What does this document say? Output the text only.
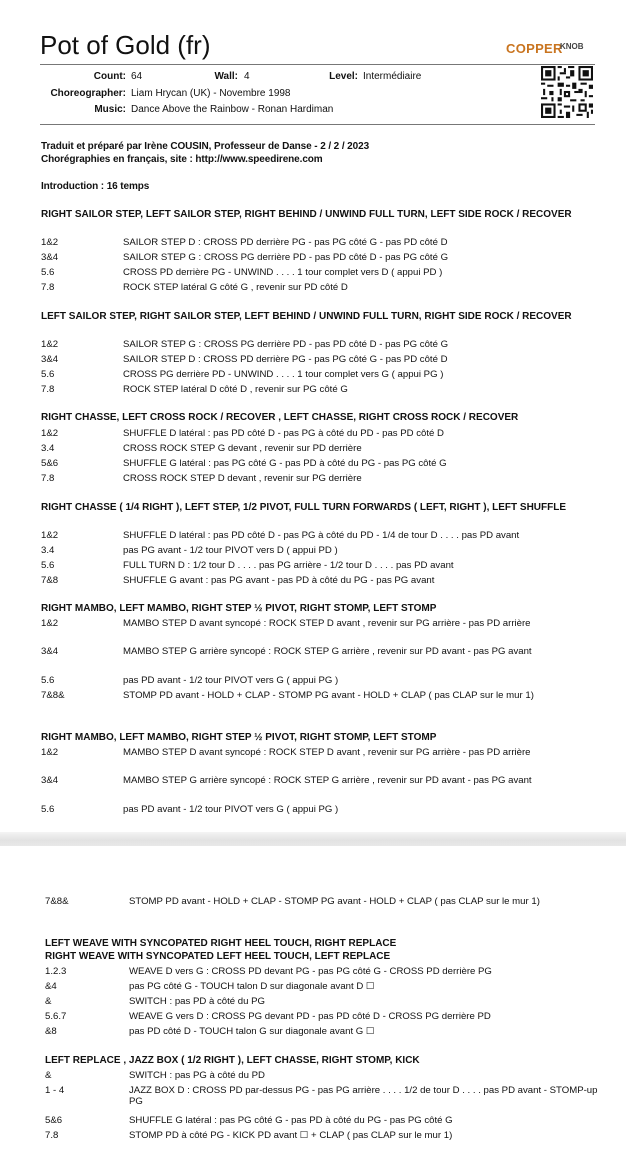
Pot of Gold (fr)	COPPER
KNOB
Count: 64	Wall: 4	Level: Intermédiaire
Choreographer: Liam Hrycan (UK) - Novembre 1998
Music: Dance Above the Rainbow - Ronan Hardiman
Traduit et préparé par Irène COUSIN, Professeur de Danse - 2 / 2 / 2023
Chorégraphies en français, site : http://www.speedirene.com
Introduction : 16 temps
RIGHT SAILOR STEP, LEFT SAILOR STEP, RIGHT BEHIND / UNWIND FULL TURN, LEFT SIDE ROCK / RECOVER
1&2	SAILOR STEP D : CROSS PD derrière PG - pas PG côté G - pas PD côté D
3&4	SAILOR STEP G : CROSS PG derrière PD - pas PD côté D - pas PG côté G
5.6	CROSS PD derrière PG - UNWIND . . . . 1 tour complet vers D ( appui PD )
7.8	ROCK STEP latéral G côté G , revenir sur PD côté D
LEFT SAILOR STEP, RIGHT SAILOR STEP, LEFT BEHIND / UNWIND FULL TURN, RIGHT SIDE ROCK / RECOVER
1&2	SAILOR STEP G : CROSS PG derrière PD - pas PD côté D - pas PG côté G
3&4	SAILOR STEP D : CROSS PD derrière PG - pas PG côté G - pas PD côté D
5.6	CROSS PG derrière PD - UNWIND . . . . 1 tour complet vers G ( appui PG )
7.8	ROCK STEP latéral D côté D , revenir sur PG côté G
RIGHT CHASSE, LEFT CROSS ROCK / RECOVER , LEFT CHASSE, RIGHT CROSS ROCK / RECOVER
1&2	SHUFFLE D latéral : pas PD côté D - pas PG à côté du PD - pas PD côté D
3.4	CROSS ROCK STEP G devant , revenir sur PD derrière
5&6	SHUFFLE G latéral : pas PG côté G - pas PD à côté du PG - pas PG côté G
7.8	CROSS ROCK STEP D devant , revenir sur PG derrière
RIGHT CHASSE ( 1/4 RIGHT ), LEFT STEP, 1/2 PIVOT, FULL TURN FORWARDS ( LEFT, RIGHT ), LEFT SHUFFLE
1&2	SHUFFLE D latéral : pas PD côté D - pas PG à côté du PD - 1/4 de tour D . . . . pas PD avant
3.4	pas PG avant - 1/2 tour PIVOT vers D ( appui PD )
5.6	FULL TURN D : 1/2 tour D . . . . pas PG arrière - 1/2 tour D . . . . pas PD avant
7&8	SHUFFLE G avant : pas PG avant - pas PD à côté du PG - pas PG avant
RIGHT MAMBO, LEFT MAMBO, RIGHT STEP ½ PIVOT, RIGHT STOMP, LEFT STOMP
1&2	MAMBO STEP D avant syncopé : ROCK STEP D avant , revenir sur PG arrière - pas PD arrière
3&4	MAMBO STEP G arrière syncopé : ROCK STEP G arrière , revenir sur PD avant - pas PG avant
5.6	pas PD avant - 1/2 tour PIVOT vers G ( appui PG )
7&8&	STOMP PD avant - HOLD + CLAP - STOMP PG avant - HOLD + CLAP ( pas CLAP sur le mur 1)
RIGHT MAMBO, LEFT MAMBO, RIGHT STEP ½ PIVOT, RIGHT STOMP, LEFT STOMP
1&2	MAMBO STEP D avant syncopé : ROCK STEP D avant , revenir sur PG arrière - pas PD arrière
3&4	MAMBO STEP G arrière syncopé : ROCK STEP G arrière , revenir sur PD avant - pas PG avant
5.6	pas PD avant - 1/2 tour PIVOT vers G ( appui PG )
7&8&	STOMP PD avant - HOLD + CLAP - STOMP PG avant - HOLD + CLAP ( pas CLAP sur le mur 1)
LEFT WEAVE WITH SYNCOPATED RIGHT HEEL TOUCH, RIGHT REPLACE
RIGHT WEAVE WITH SYNCOPATED LEFT HEEL TOUCH, LEFT REPLACE
1.2.3	WEAVE D vers G : CROSS PD devant PG - pas PG côté G - CROSS PD derrière PG
&4	pas PG côté G - TOUCH talon D sur diagonale avant D ☐
&	SWITCH : pas PD à côté du PG
5.6.7	WEAVE G vers D : CROSS PG devant PD - pas PD côté D - CROSS PG derrière PD
&8	pas PD côté D - TOUCH talon G sur diagonale avant G ☐
LEFT REPLACE , JAZZ BOX ( 1/2 RIGHT ), LEFT CHASSE, RIGHT STOMP, KICK
&	SWITCH : pas PG à côté du PD
1 - 4	JAZZ BOX D : CROSS PD par-dessus PG - pas PG arrière . . . . 1/2 de tour D . . . . pas PD avant - STOMP-up PG
5&6	SHUFFLE G latéral : pas PG côté G - pas PD à côté du PG - pas PG côté G
7.8	STOMP PD à côté PG - KICK PD avant ☐ + CLAP ( pas CLAP sur le mur 1)
